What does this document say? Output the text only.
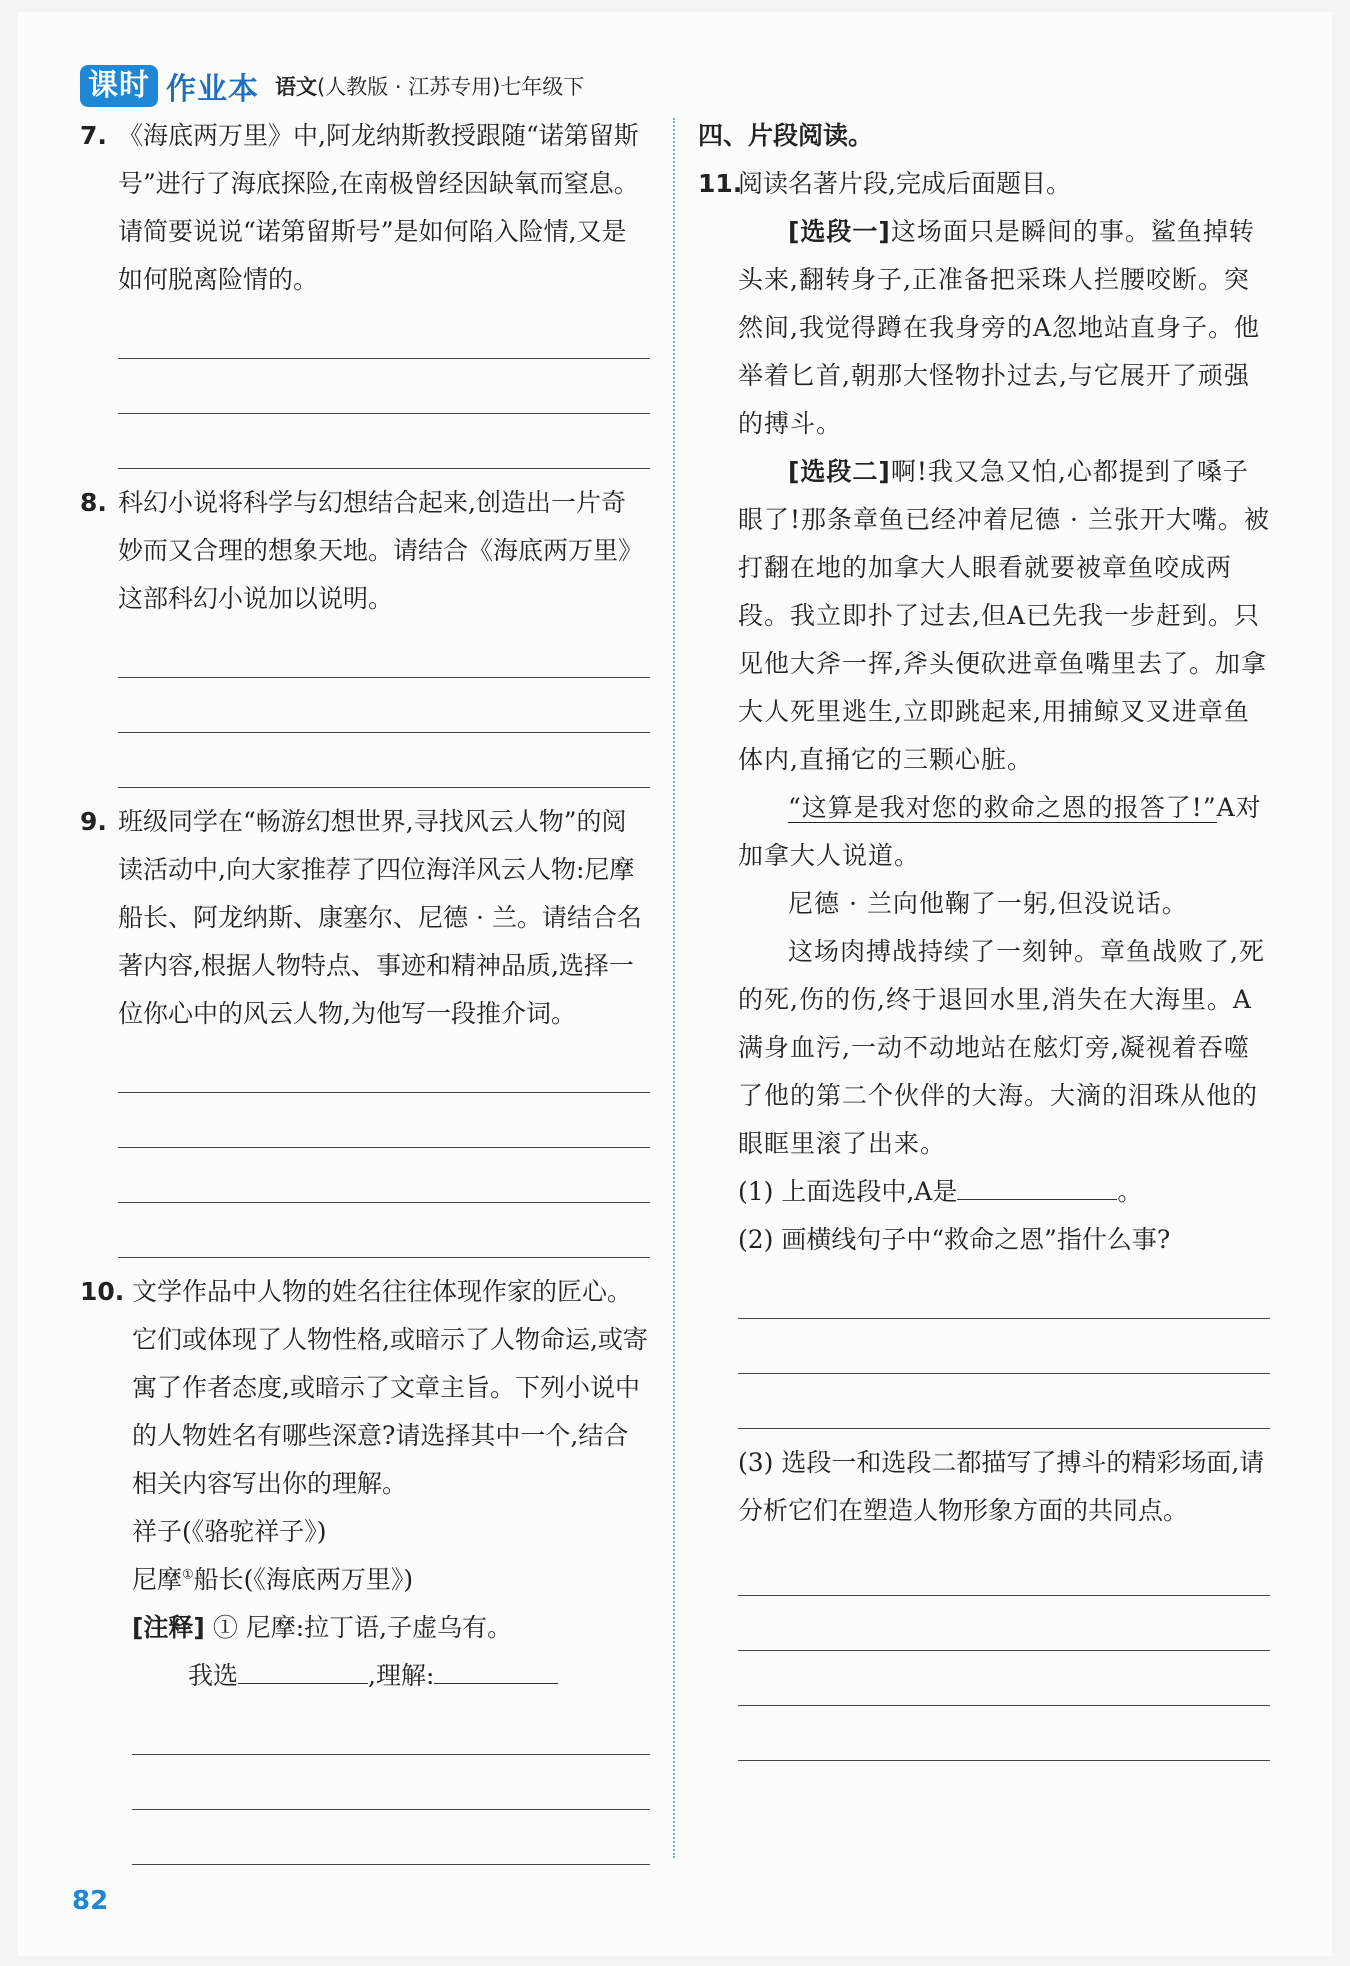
课时 作业本 语文 (人教版 · 江苏专用)七年级下
7. 《海底两万里》中,阿龙纳斯教授跟随“诺第留斯号”进行了海底探险,在南极曾经因缺氧而窒息。请简要说说“诺第留斯号”是如何陷入险情,又是如何脱离险情的。
8. 科幻小说将科学与幻想结合起来,创造出一片奇妙而又合理的想象天地。请结合《海底两万里》这部科幻小说加以说明。
9. 班级同学在“畅游幻想世界,寻找风云人物”的阅读活动中,向大家推荐了四位海洋风云人物:尼摩船长、阿龙纳斯、康塞尔、尼德 · 兰。请结合名著内容,根据人物特点、事迹和精神品质,选择一位你心中的风云人物,为他写一段推介词。
10. 文学作品中人物的姓名往往体现作家的匠心。它们或体现了人物性格,或暗示了人物命运,或寄寓了作者态度,或暗示了文章主旨。下列小说中的人物姓名有哪些深意?请选择其中一个,结合相关内容写出你的理解。
祥子(《骆驼祥子》)
尼摩①船长(《海底两万里》)
[注释] ① 尼摩:拉丁语,子虚乌有。
我选	,理解:
四、片段阅读。
11.
阅读名著片段,完成后面题目。
[选段一]这场面只是瞬间的事。鲨鱼掉转头来,翻转身子,正准备把采珠人拦腰咬断。突然间,我觉得蹲在我身旁的A忽地站直身子。他举着匕首,朝那大怪物扑过去,与它展开了顽强的搏斗。
[选段二]啊!我又急又怕,心都提到了嗓子眼了!那条章鱼已经冲着尼德 · 兰张开大嘴。被打翻在地的加拿大人眼看就要被章鱼咬成两段。我立即扑了过去,但A已先我一步赶到。只见他大斧一挥,斧头便砍进章鱼嘴里去了。加拿大人死里逃生,立即跳起来,用捕鲸叉叉进章鱼体内,直捅它的三颗心脏。
“这算是我对您的救命之恩的报答了!”A对加拿大人说道。
尼德 · 兰向他鞠了一躬,但没说话。
这场肉搏战持续了一刻钟。章鱼战败了,死的死,伤的伤,终于退回水里,消失在大海里。A满身血污,一动不动地站在舷灯旁,凝视着吞噬了他的第二个伙伴的大海。大滴的泪珠从他的眼眶里滚了出来。
(1) 上面选段中,A是	。
(2) 画横线句子中“救命之恩”指什么事?
(3) 选段一和选段二都描写了搏斗的精彩场面,请分析它们在塑造人物形象方面的共同点。
82
